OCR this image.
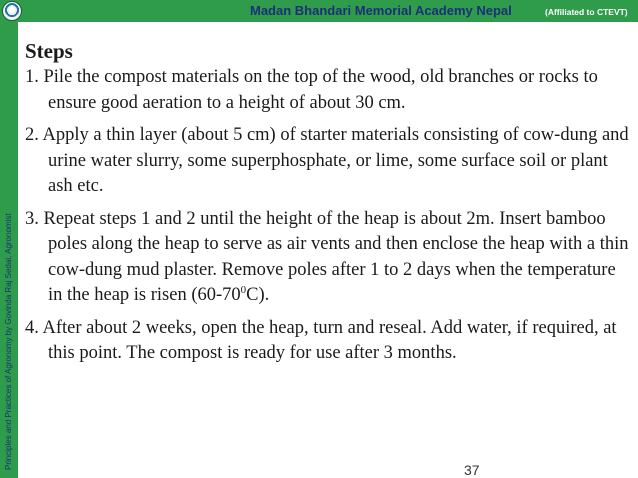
Madan Bhandari Memorial Academy Nepal	(Affiliated to CTEVT)
Principles and Practices of Agronomy by Govinda Raj Sedai, Agronomist
Steps
1. Pile the compost materials on the top of the wood, old branches or rocks to ensure good aeration to a height of about 30 cm.
2. Apply a thin layer (about 5 cm) of starter materials consisting of cow-dung and urine water slurry, some superphosphate, or lime, some surface soil or plant ash etc.
3. Repeat steps 1 and 2 until the height of the heap is about 2m. Insert bamboo poles along the heap to serve as air vents and then enclose the heap with a thin cow-dung mud plaster. Remove poles after 1 to 2 days when the temperature in the heap is risen $(60-70^0C)$.
4. After about 2 weeks, open the heap, turn and reseal. Add water, if required, at this point. The compost is ready for use after 3 months.
37
